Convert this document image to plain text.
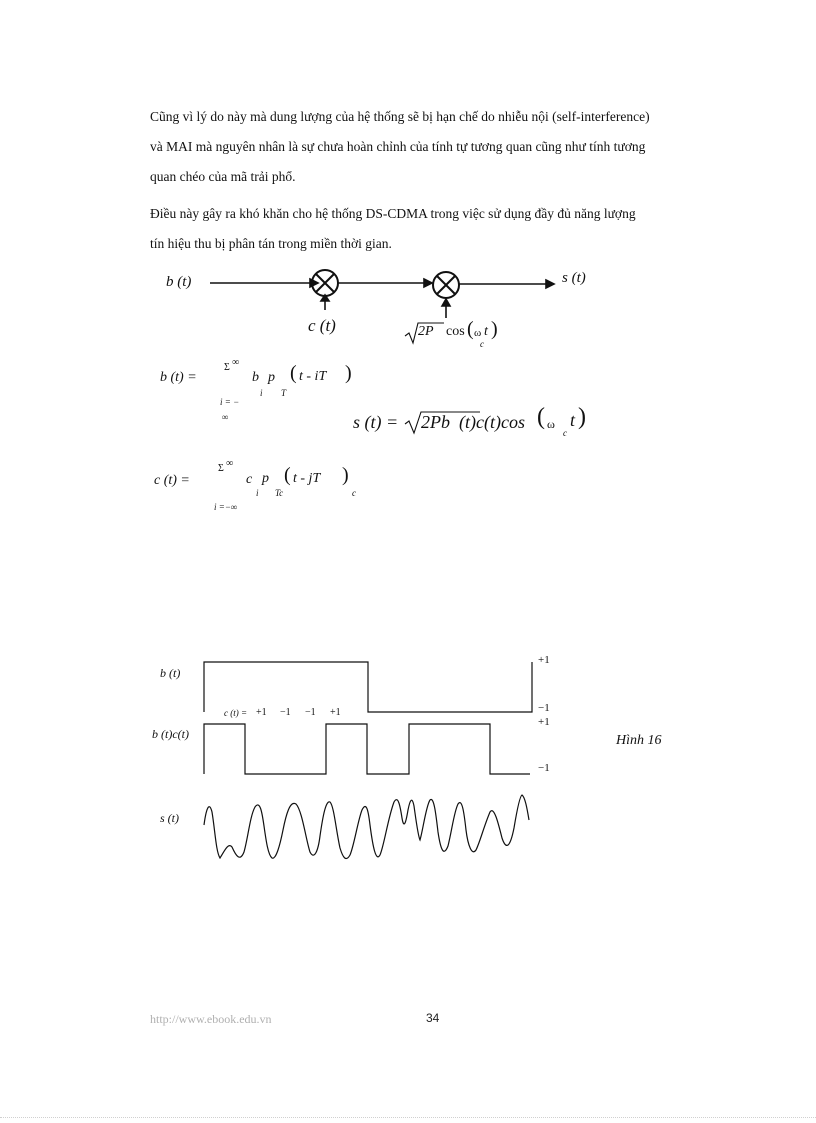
Cũng vì lý do này mà dung lượng của hệ thống sẽ bị hạn chế do nhiễu nội (self-interference) và MAI mà nguyên nhân là sự chưa hoàn chỉnh của tính tự tương quan cũng như tính tương quan chéo của mã trải phổ.

Điều này gây ra khó khăn cho hệ thống DS-CDMA trong việc sử dụng đầy đủ năng lượng tín hiệu thu bị phân tán trong miền thời gian.

b (t)	s (t)
c (t)	2P cos ( ω t )
c
b (t) =
Σ ∞
i = −
∞
b
i
p
T
( t - iT )
s (t) = 2Pb (t)c(t)cos ( ω
c
t )
c (t) =
Σ ∞
i =−∞
c
i
p
Tc
( t - jT )
c
b (t)
b (t)c(t)
s (t)
+1
−1
+1
−1
c (t) = +1 −1 −1 +1
Hình 16
http://www.ebook.edu.vn	34
